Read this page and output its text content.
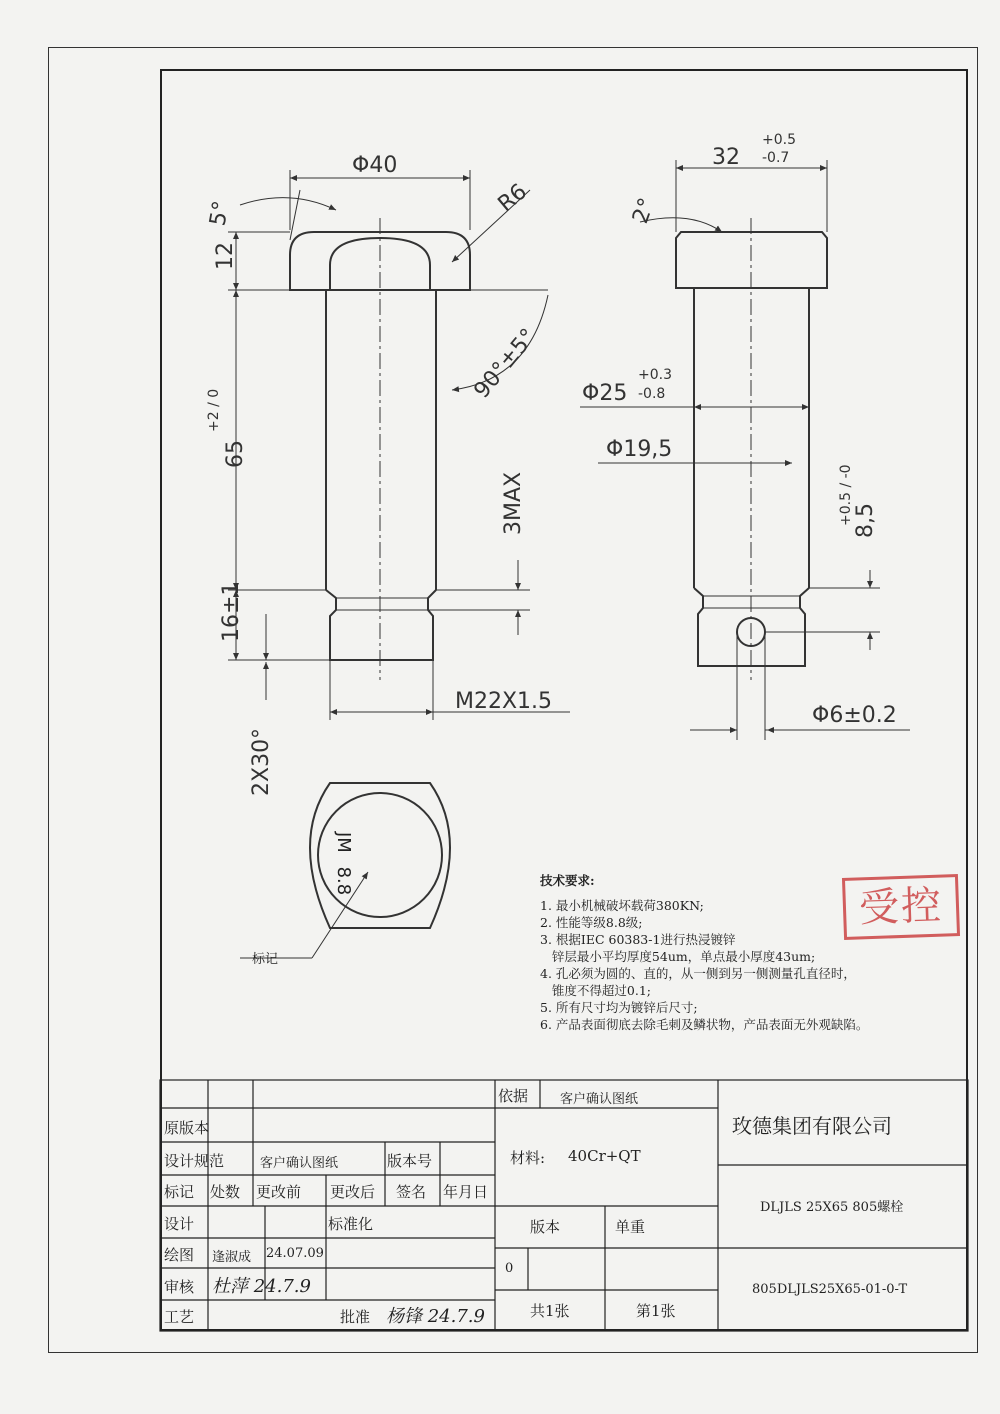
Φ40
R6
5°
12
65
+2 / 0
90°±5°
3MAX
16±1
M22X1.5
2X30°
32
+0.5
-0.7
2°
Φ25
+0.3
-0.8
Φ19,5
8,5
+0.5 / -0
Φ6±0.2
JM 8.8
标记
技术要求:
1. 最小机械破坏载荷380KN;
2. 性能等级8.8级;
3. 根据IEC 60383-1进行热浸镀锌
锌层最小平均厚度54um，单点最小厚度43um;
4. 孔必须为圆的、直的，从一侧到另一侧测量孔直径时，
锥度不得超过0.1;
5. 所有尺寸均为镀锌后尺寸;
6. 产品表面彻底去除毛刺及鳞状物，产品表面无外观缺陷。
受控
依据 客户确认图纸
原版本
设计规范	客户确认图纸	版本号	材料: 40Cr+QT
标记 处数 更改前 更改后 签名 年月日
设计	标准化
绘图 逢淑成 24.07.09
审核 杜萍 24.7.9
工艺	批准 杨锋 24.7.9
版本	单重
0
共1张	第1张
玫德集团有限公司
DLJLS 25X65 805螺栓
805DLJLS25X65-01-0-T
